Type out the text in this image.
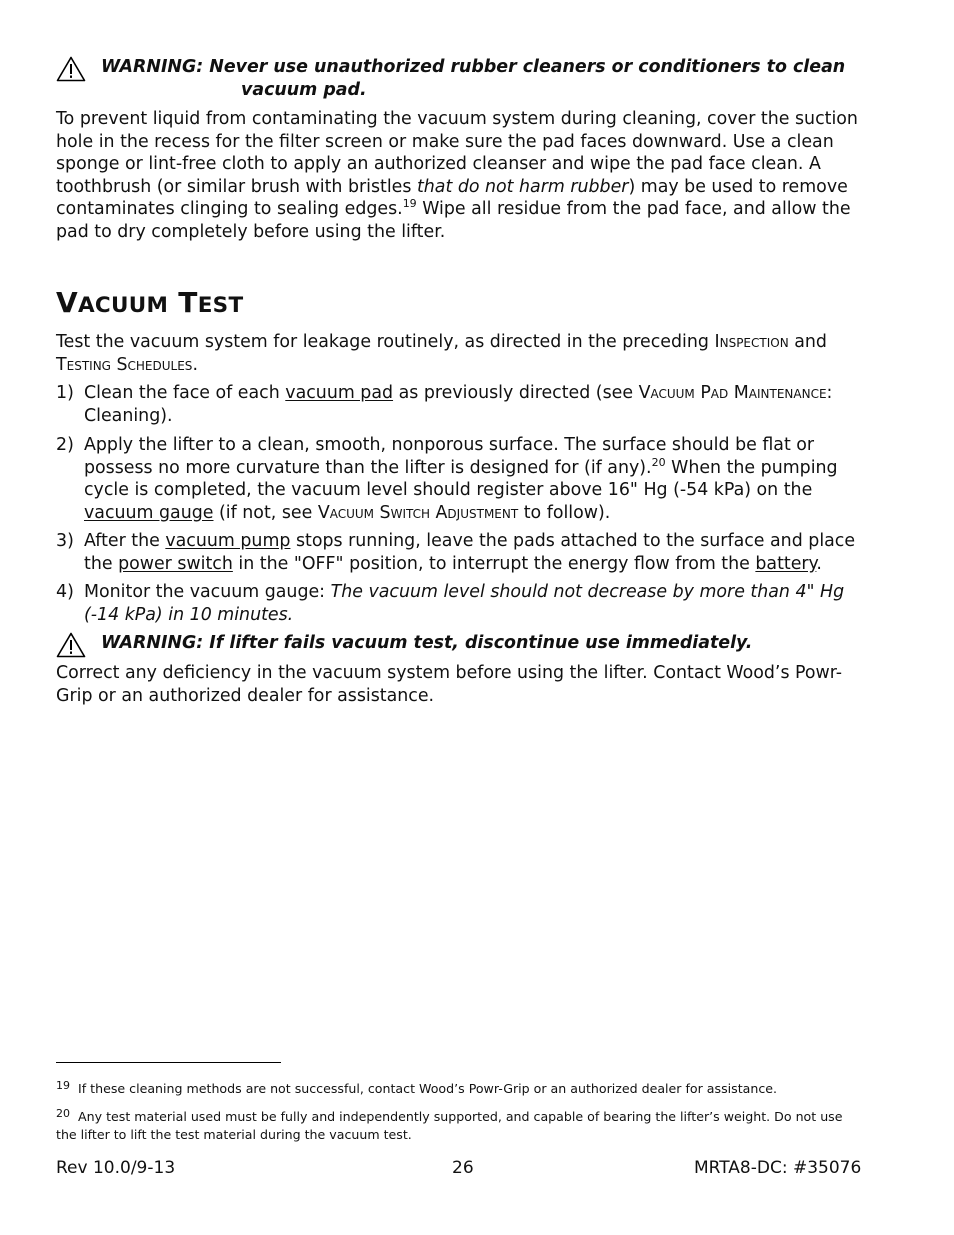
WARNING: Never use unauthorized rubber cleaners or conditioners to clean
vacuum pad.

To prevent liquid from contaminating the vacuum system during cleaning, cover the suction hole in the recess for the filter screen or make sure the pad faces downward. Use a clean sponge or lint-free cloth to apply an authorized cleanser and wipe the pad face clean. A toothbrush (or similar brush with bristles that do not harm rubber) may be used to remove contaminates clinging to sealing edges.$^{19}$ Wipe all residue from the pad face, and allow the pad to dry completely before using the lifter.

VACUUM TEST

Test the vacuum system for leakage routinely, as directed in the preceding Inspection and Testing Schedules.

1) Clean the face of each vacuum pad as previously directed (see Vacuum Pad Maintenance: Cleaning).
2) Apply the lifter to a clean, smooth, nonporous surface. The surface should be flat or possess no more curvature than the lifter is designed for (if any).$^{20}$ When the pumping cycle is completed, the vacuum level should register above 16" Hg (-54 kPa) on the vacuum gauge (if not, see Vacuum Switch Adjustment to follow).
3) After the vacuum pump stops running, leave the pads attached to the surface and place the power switch in the "OFF" position, to interrupt the energy flow from the battery.
4) Monitor the vacuum gauge: The vacuum level should not decrease by more than 4" Hg (-14 kPa) in 10 minutes.
WARNING: If lifter fails vacuum test, discontinue use immediately.

Correct any deficiency in the vacuum system before using the lifter. Contact Wood’s Powr-Grip or an authorized dealer for assistance.

19 If these cleaning methods are not successful, contact Wood’s Powr-Grip or an authorized dealer for assistance.

20 Any test material used must be fully and independently supported, and capable of bearing the lifter’s weight. Do not use the lifter to lift the test material during the vacuum test.

Rev 10.0/9-13	26	MRTA8-DC: #35076
